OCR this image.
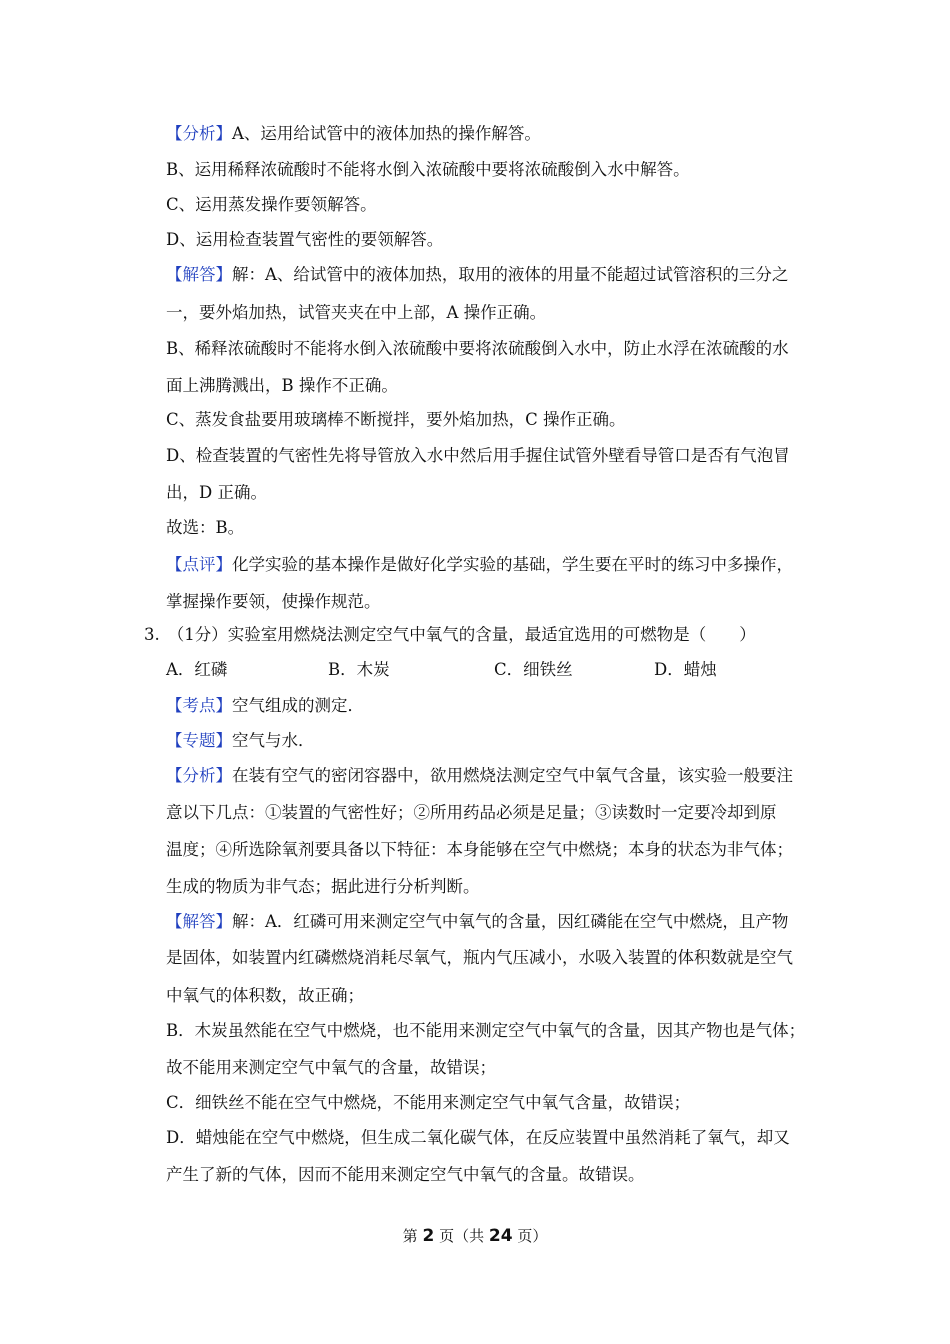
【分析】A、运用给试管中的液体加热的操作解答。
B、运用稀释浓硫酸时不能将水倒入浓硫酸中要将浓硫酸倒入水中解答。
C、运用蒸发操作要领解答。
D、运用检查装置气密性的要领解答。
【解答】解：A、给试管中的液体加热，取用的液体的用量不能超过试管溶积的三分之
一，要外焰加热，试管夹夹在中上部，A 操作正确。
B、稀释浓硫酸时不能将水倒入浓硫酸中要将浓硫酸倒入水中，防止水浮在浓硫酸的水
面上沸腾溅出，B 操作不正确。
C、蒸发食盐要用玻璃棒不断搅拌，要外焰加热，C 操作正确。
D、检查装置的气密性先将导管放入水中然后用手握住试管外壁看导管口是否有气泡冒
出，D 正确。
故选：B。
【点评】化学实验的基本操作是做好化学实验的基础，学生要在平时的练习中多操作，
掌握操作要领，使操作规范。
3. （1分）实验室用燃烧法测定空气中氧气的含量，最适宜选用的可燃物是（　　）
A．红磷	B．木炭	C．细铁丝	D．蜡烛
【考点】空气组成的测定．
【专题】空气与水．
【分析】在装有空气的密闭容器中，欲用燃烧法测定空气中氧气含量，该实验一般要注
意以下几点：①装置的气密性好；②所用药品必须是足量；③读数时一定要冷却到原
温度；④所选除氧剂要具备以下特征：本身能够在空气中燃烧；本身的状态为非气体；
生成的物质为非气态；据此进行分析判断。
【解答】解：A．红磷可用来测定空气中氧气的含量，因红磷能在空气中燃烧，且产物
是固体，如装置内红磷燃烧消耗尽氧气，瓶内气压减小，水吸入装置的体积数就是空气
中氧气的体积数，故正确；
B．木炭虽然能在空气中燃烧，也不能用来测定空气中氧气的含量，因其产物也是气体；
故不能用来测定空气中氧气的含量，故错误；
C．细铁丝不能在空气中燃烧，不能用来测定空气中氧气含量，故错误；
D．蜡烛能在空气中燃烧，但生成二氧化碳气体，在反应装置中虽然消耗了氧气，却又
产生了新的气体，因而不能用来测定空气中氧气的含量。故错误。
第 2 页（共 24 页）
